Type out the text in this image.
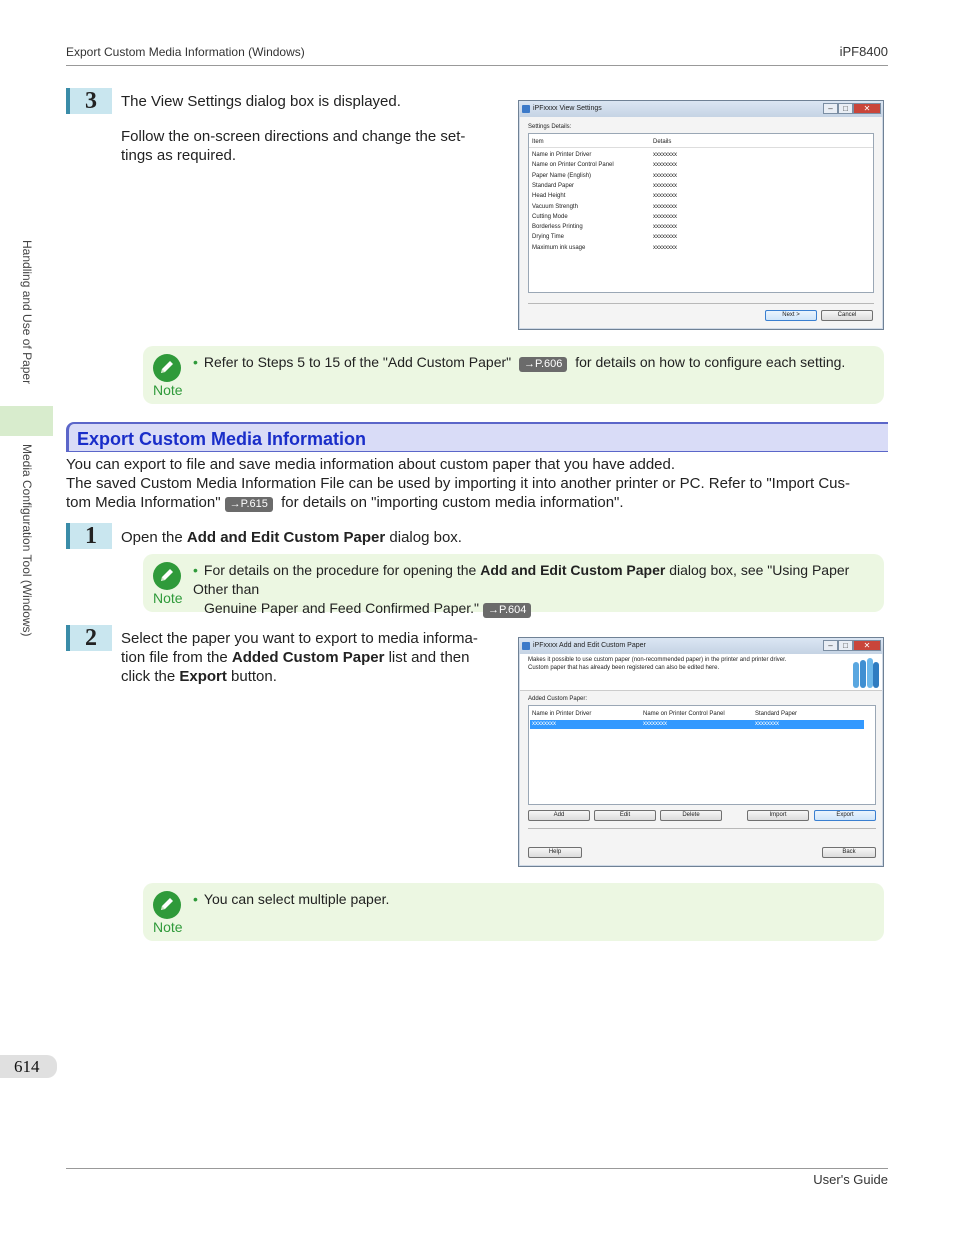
Export Custom Media Information (Windows)	iPF8400
Handling and Use of Paper
Media Configuration Tool (Windows)
3	The View Settings dialog box is displayed.
Follow the on-screen directions and change the set-
tings as required.
iPFxxxx View Settings	–	□	✕
Settings Details:
Item	Details
Name in Printer Driver	xxxxxxxx
Name on Printer Control Panel	xxxxxxxx
Paper Name (English)	xxxxxxxx
Standard Paper	xxxxxxxx
Head Height	xxxxxxxx
Vacuum Strength	xxxxxxxx
Cutting Mode	xxxxxxxx
Borderless Printing	xxxxxxxx
Drying Time	xxxxxxxx
Maximum ink usage	xxxxxxxx
Next >	Cancel
Note
• Refer to Steps 5 to 15 of the "Add Custom Paper" →P.606 for details on how to configure each setting.
Export Custom Media Information
You can export to file and save media information about custom paper that you have added.
The saved Custom Media Information File can be used by importing it into another printer or PC. Refer to "Import Cus-
tom Media Information" →P.615 for details on "importing custom media information".
1	Open the Add and Edit Custom Paper dialog box.
Note
• For details on the procedure for opening the Add and Edit Custom Paper dialog box, see "Using Paper Other than
Genuine Paper and Feed Confirmed Paper." →P.604
2	Select the paper you want to export to media informa-
tion file from the Added Custom Paper list and then
click the Export button.
iPFxxxx Add and Edit Custom Paper	–	□	✕
Makes it possible to use custom paper (non-recommended paper) in the printer and printer driver.
Custom paper that has already been registered can also be edited here.
Added Custom Paper:
Name in Printer Driver	Name on Printer Control Panel	Standard Paper
xxxxxxxx	xxxxxxxx	xxxxxxxx
Add	Edit	Delete	Import	Export
Help	Back
Note
• You can select multiple paper.
614
User's Guide
